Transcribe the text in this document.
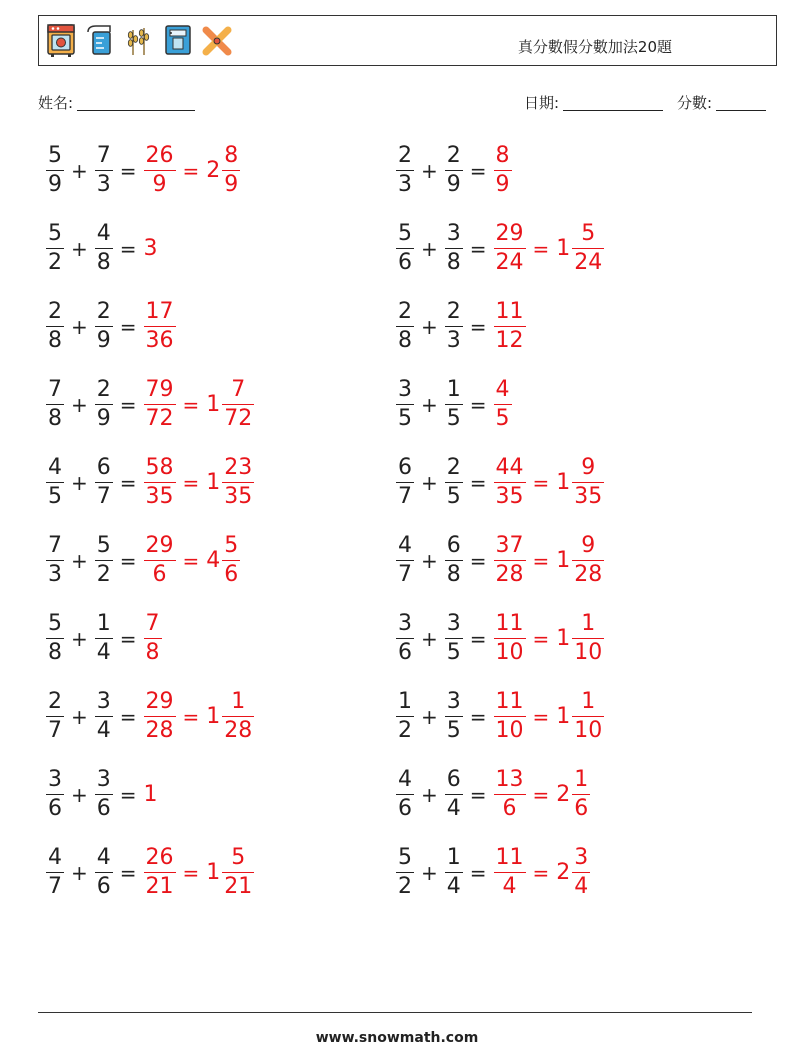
真分數假分數加法20題
姓名:	日期:	分數:
$\frac{5}{9} + \frac{7}{3} = \frac{26}{9} = 2 \frac{8}{9}$
$\frac{5}{2} + \frac{4}{8} = 3$
$\frac{2}{8} + \frac{2}{9} = \frac{17}{36}$
$\frac{7}{8} + \frac{2}{9} = \frac{79}{72} = 1 \frac{7}{72}$
$\frac{4}{5} + \frac{6}{7} = \frac{58}{35} = 1 \frac{23}{35}$
$\frac{7}{3} + \frac{5}{2} = \frac{29}{6} = 4 \frac{5}{6}$
$\frac{5}{8} + \frac{1}{4} = \frac{7}{8}$
$\frac{2}{7} + \frac{3}{4} = \frac{29}{28} = 1 \frac{1}{28}$
$\frac{3}{6} + \frac{3}{6} = 1$
$\frac{4}{7} + \frac{4}{6} = \frac{26}{21} = 1 \frac{5}{21}$
$\frac{2}{3} + \frac{2}{9} = \frac{8}{9}$
$\frac{5}{6} + \frac{3}{8} = \frac{29}{24} = 1 \frac{5}{24}$
$\frac{2}{8} + \frac{2}{3} = \frac{11}{12}$
$\frac{3}{5} + \frac{1}{5} = \frac{4}{5}$
$\frac{6}{7} + \frac{2}{5} = \frac{44}{35} = 1 \frac{9}{35}$
$\frac{4}{7} + \frac{6}{8} = \frac{37}{28} = 1 \frac{9}{28}$
$\frac{3}{6} + \frac{3}{5} = \frac{11}{10} = 1 \frac{1}{10}$
$\frac{1}{2} + \frac{3}{5} = \frac{11}{10} = 1 \frac{1}{10}$
$\frac{4}{6} + \frac{6}{4} = \frac{13}{6} = 2 \frac{1}{6}$
$\frac{5}{2} + \frac{1}{4} = \frac{11}{4} = 2 \frac{3}{4}$
www.snowmath.com
